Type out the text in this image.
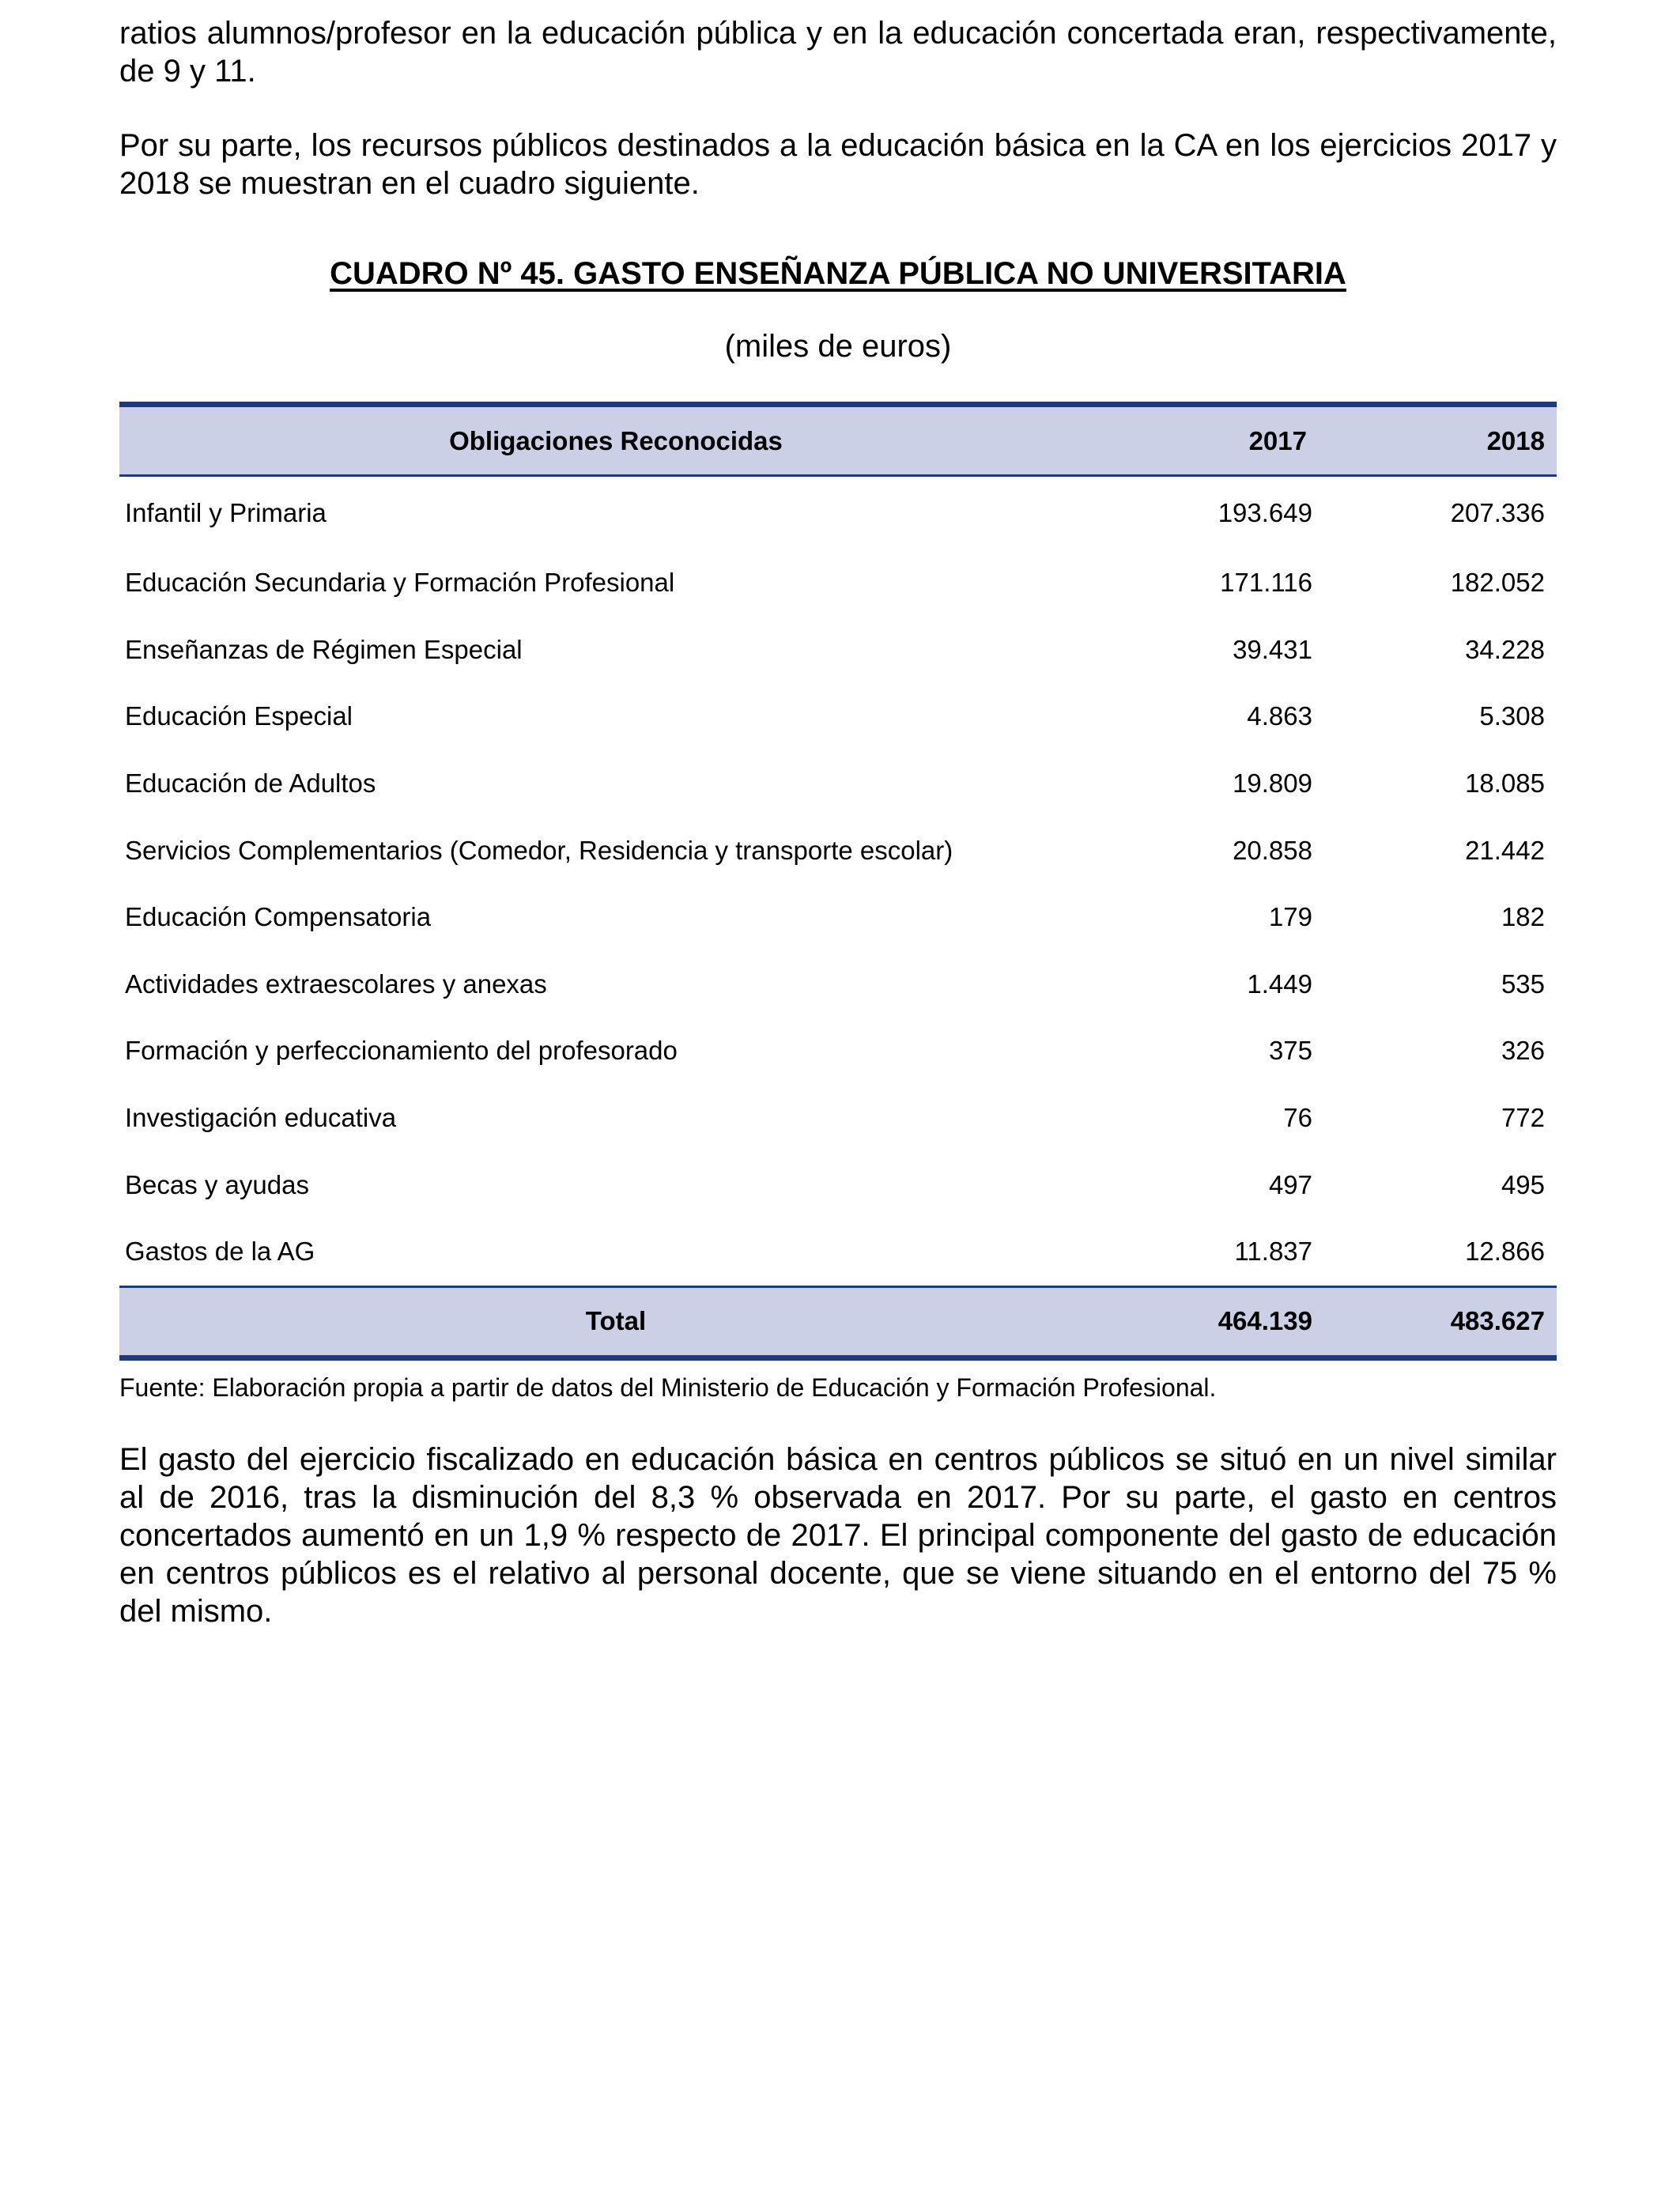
ratios alumnos/profesor en la educación pública y en la educación concertada eran, respectivamente, de 9 y 11.

Por su parte, los recursos públicos destinados a la educación básica en la CA en los ejercicios 2017 y 2018 se muestran en el cuadro siguiente.

CUADRO Nº 45. GASTO ENSEÑANZA PÚBLICA NO UNIVERSITARIA
(miles de euros)
Obligaciones Reconocidas	2017	2018
Infantil y Primaria	193.649	207.336
Educación Secundaria y Formación Profesional	171.116	182.052
Enseñanzas de Régimen Especial	39.431	34.228
Educación Especial	4.863	5.308
Educación de Adultos	19.809	18.085
Servicios Complementarios (Comedor, Residencia y transporte escolar)	20.858	21.442
Educación Compensatoria	179	182
Actividades extraescolares y anexas	1.449	535
Formación y perfeccionamiento del profesorado	375	326
Investigación educativa	76	772
Becas y ayudas	497	495
Gastos de la AG	11.837	12.866
Total	464.139	483.627
Fuente: Elaboración propia a partir de datos del Ministerio de Educación y Formación Profesional.

El gasto del ejercicio fiscalizado en educación básica en centros públicos se situó en un nivel similar al de 2016, tras la disminución del 8,3 % observada en 2017. Por su parte, el gasto en centros concertados aumentó en un 1,9 % respecto de 2017. El principal componente del gasto de educación en centros públicos es el relativo al personal docente, que se viene situando en el entorno del 75 % del mismo.
